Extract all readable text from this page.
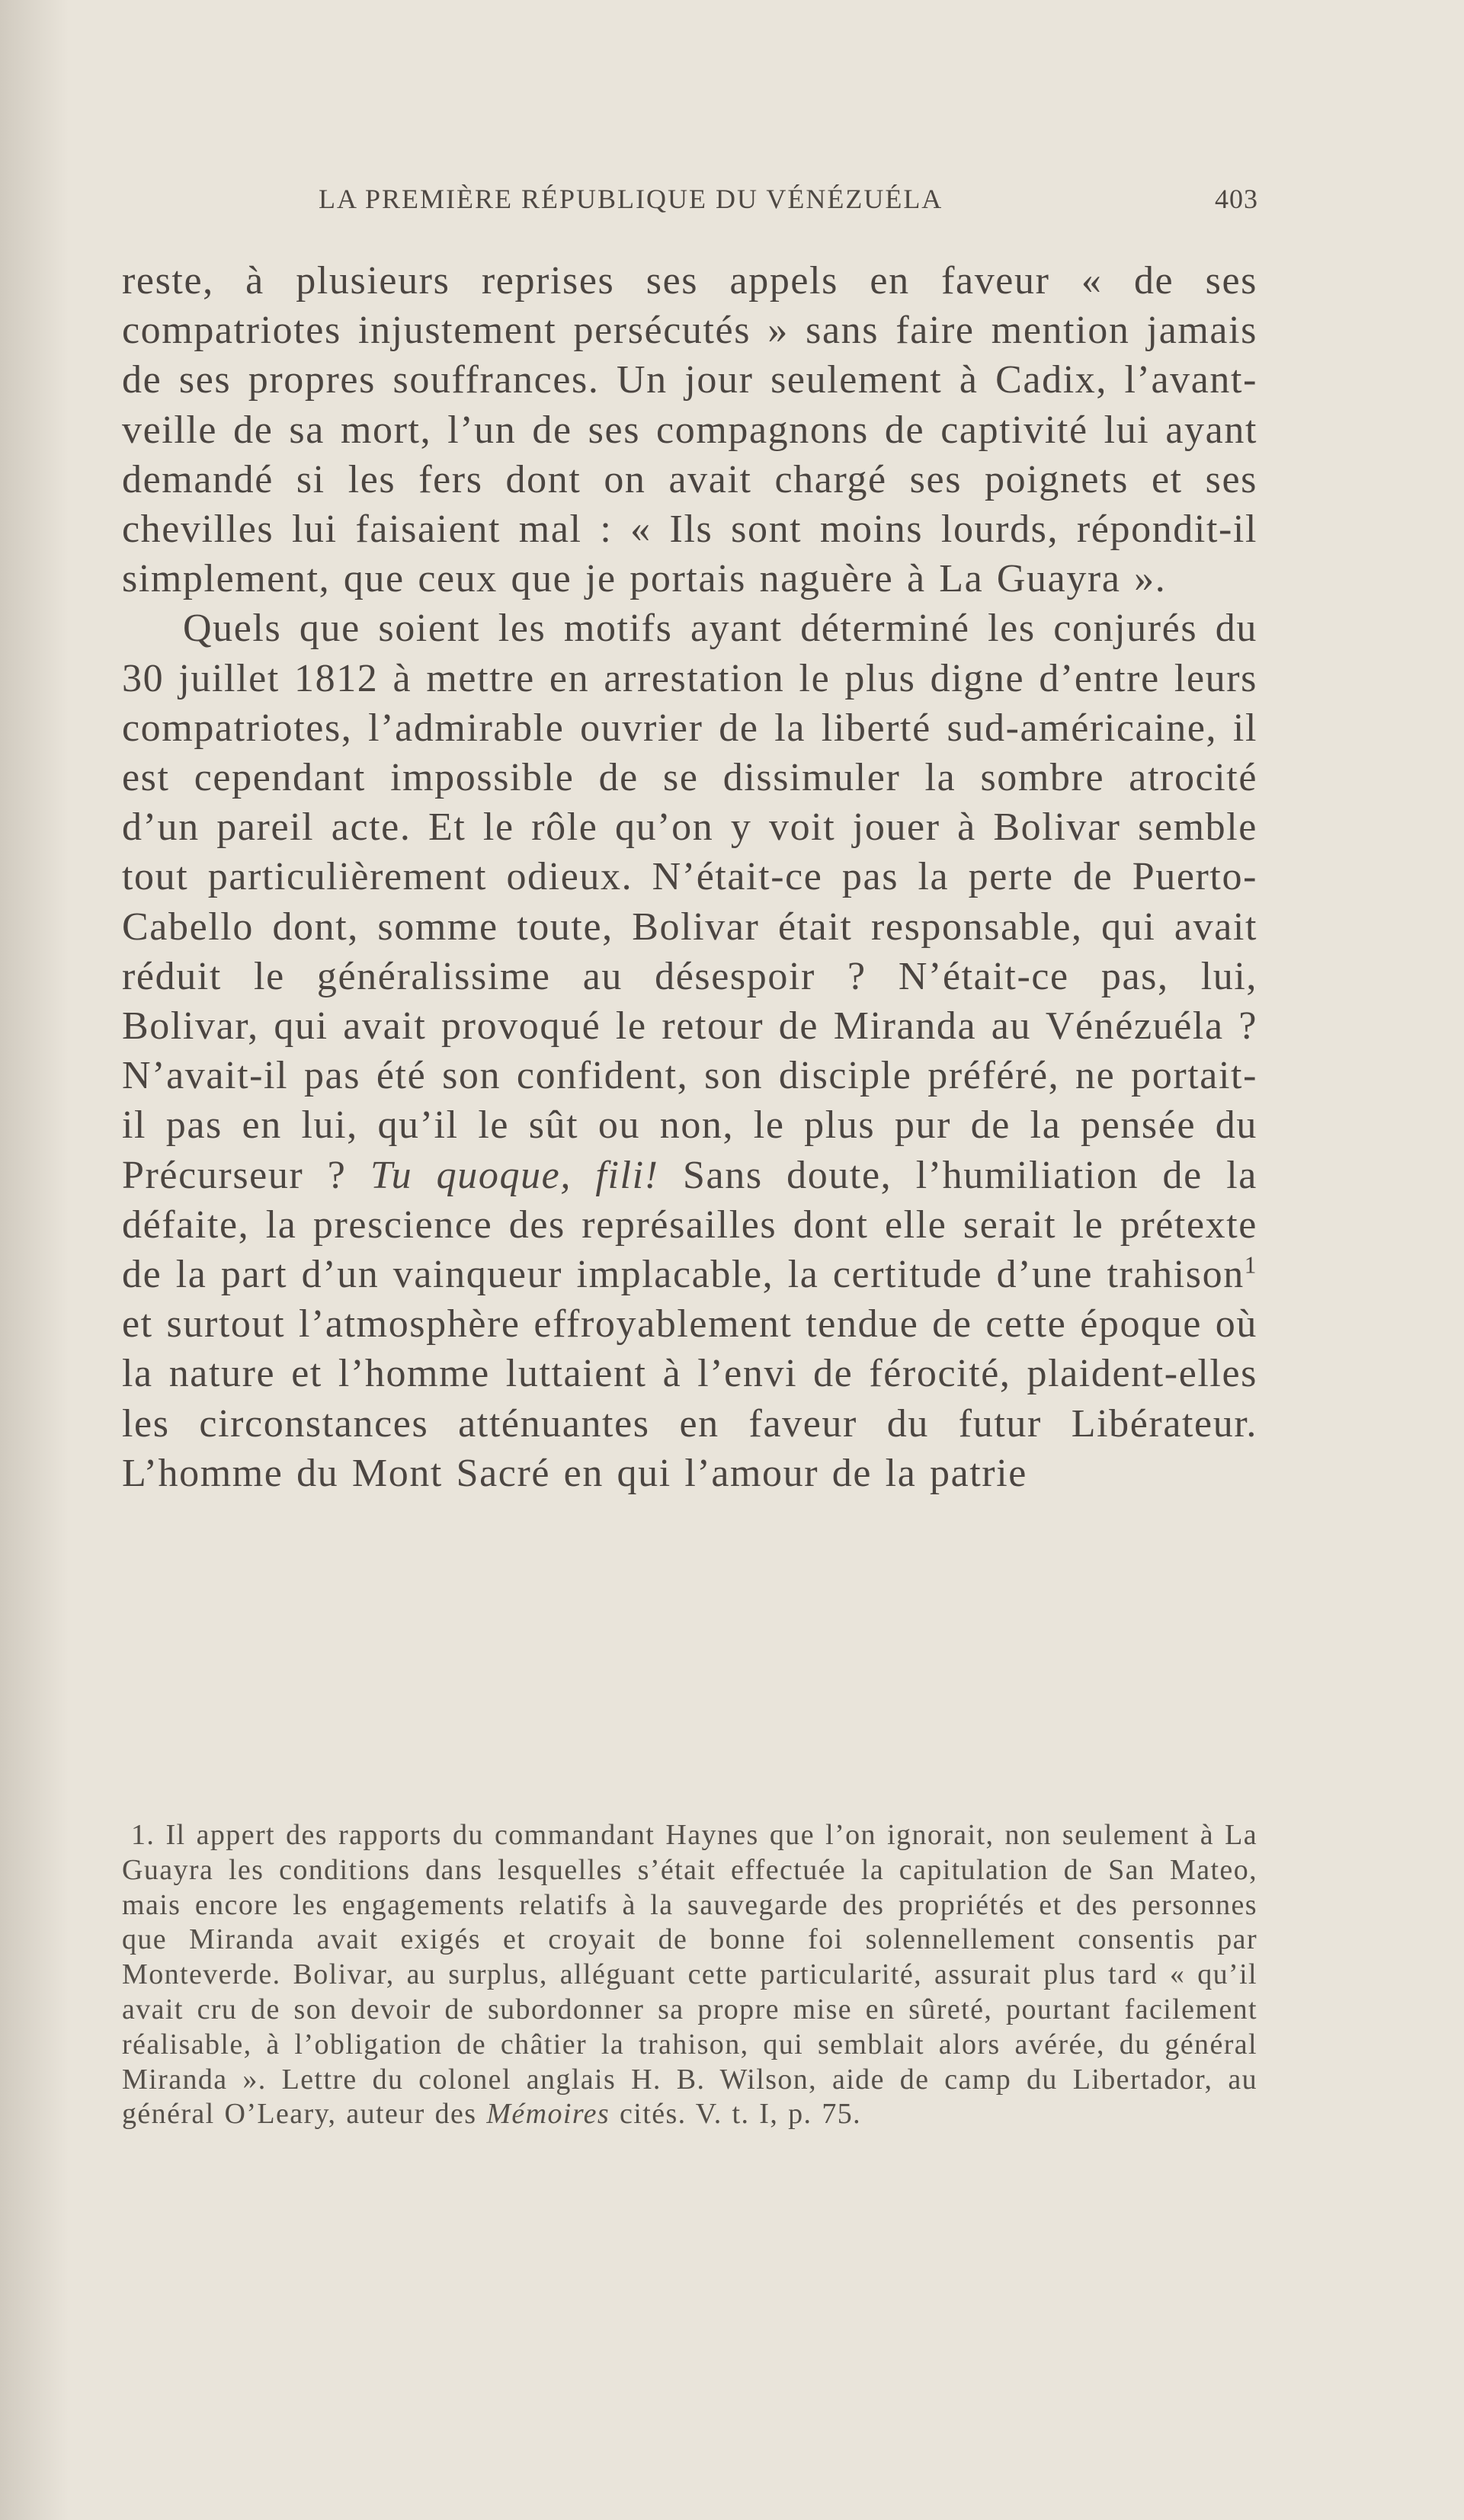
LA PREMIÈRE RÉPUBLIQUE DU VÉNÉZUÉLA	403

reste, à plusieurs reprises ses appels en faveur « de ses compatriotes injustement persécutés » sans faire mention jamais de ses propres souffrances. Un jour seulement à Cadix, l’avant-veille de sa mort, l’un de ses compagnons de captivité lui ayant demandé si les fers dont on avait chargé ses poignets et ses chevilles lui faisaient mal : « Ils sont moins lourds, répondit-il simplement, que ceux que je portais naguère à La Guayra ».

Quels que soient les motifs ayant déterminé les conjurés du 30 juillet 1812 à mettre en arrestation le plus digne d’entre leurs compatriotes, l’admirable ouvrier de la liberté sud-américaine, il est cependant impossible de se dissimuler la sombre atrocité d’un pareil acte. Et le rôle qu’on y voit jouer à Bolivar semble tout particulièrement odieux. N’était-ce pas la perte de Puerto-Cabello dont, somme toute, Bolivar était responsable, qui avait réduit le généralissime au désespoir ? N’était-ce pas, lui, Bolivar, qui avait provoqué le retour de Miranda au Vénézuéla ? N’avait-il pas été son confident, son disciple préféré, ne portait-il pas en lui, qu’il le sût ou non, le plus pur de la pensée du Précurseur ? Tu quoque, fili! Sans doute, l’humiliation de la défaite, la prescience des représailles dont elle serait le prétexte de la part d’un vainqueur implacable, la certitude d’une trahison$^1$ et surtout l’atmosphère effroyablement tendue de cette époque où la nature et l’homme luttaient à l’envi de férocité, plaident-elles les circonstances atténuantes en faveur du futur Libérateur. L’homme du Mont Sacré en qui l’amour de la patrie

1. Il appert des rapports du commandant Haynes que l’on ignorait, non seulement à La Guayra les conditions dans lesquelles s’était effectuée la capitulation de San Mateo, mais encore les engagements relatifs à la sauvegarde des propriétés et des personnes que Miranda avait exigés et croyait de bonne foi solennellement consentis par Monteverde. Bolivar, au surplus, alléguant cette particularité, assurait plus tard « qu’il avait cru de son devoir de subordonner sa propre mise en sûreté, pourtant facilement réalisable, à l’obligation de châtier la trahison, qui semblait alors avérée, du général Miranda ». Lettre du colonel anglais H. B. Wilson, aide de camp du Libertador, au général O’Leary, auteur des Mémoires cités. V. t. I, p. 75.
